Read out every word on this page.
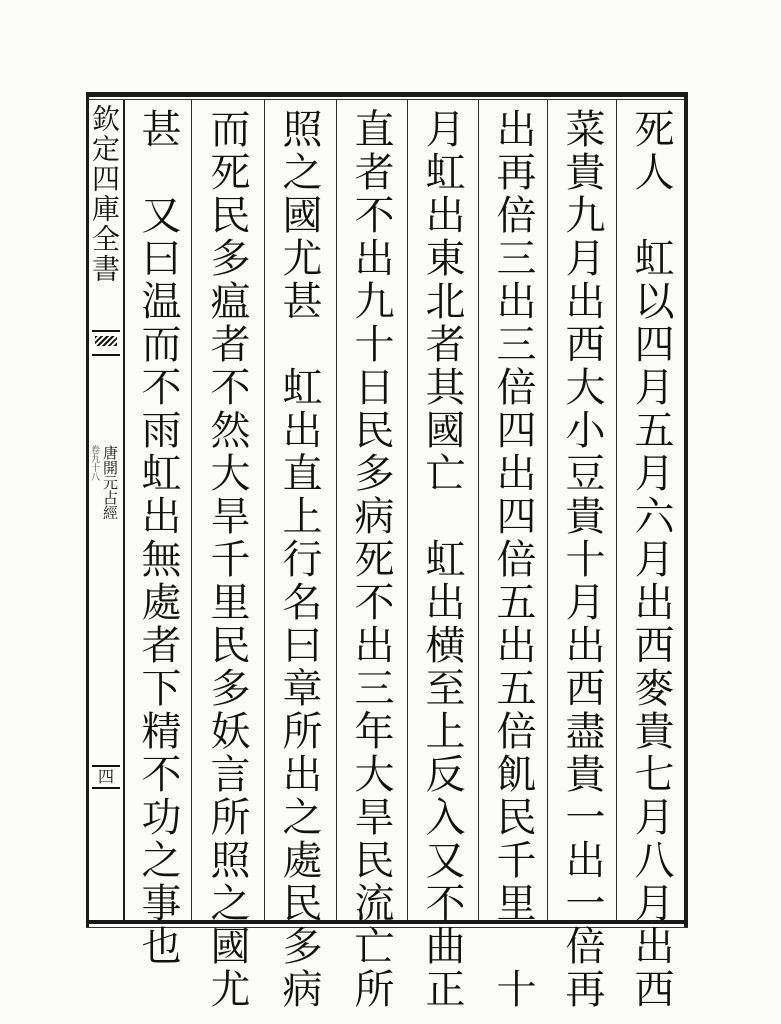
欽定四庫全書
唐開元占經
卷九十八
四	死人　虹以四月五月六月出西麥貴七月八月出西
菜貴九月出西大小豆貴十月出西盡貴一出一倍再
出再倍三出三倍四出四倍五出五倍飢民千里　十
月虹出東北者其國亡　虹出横至上反入又不曲正
直者不出九十日民多病死不出三年大旱民流亡所
照之國尤甚　虹出直上行名曰章所出之處民多病
而死民多瘟者不然大旱千里民多妖言所照之國尤
甚　又曰温而不雨虹出無處者下精不功之事也
